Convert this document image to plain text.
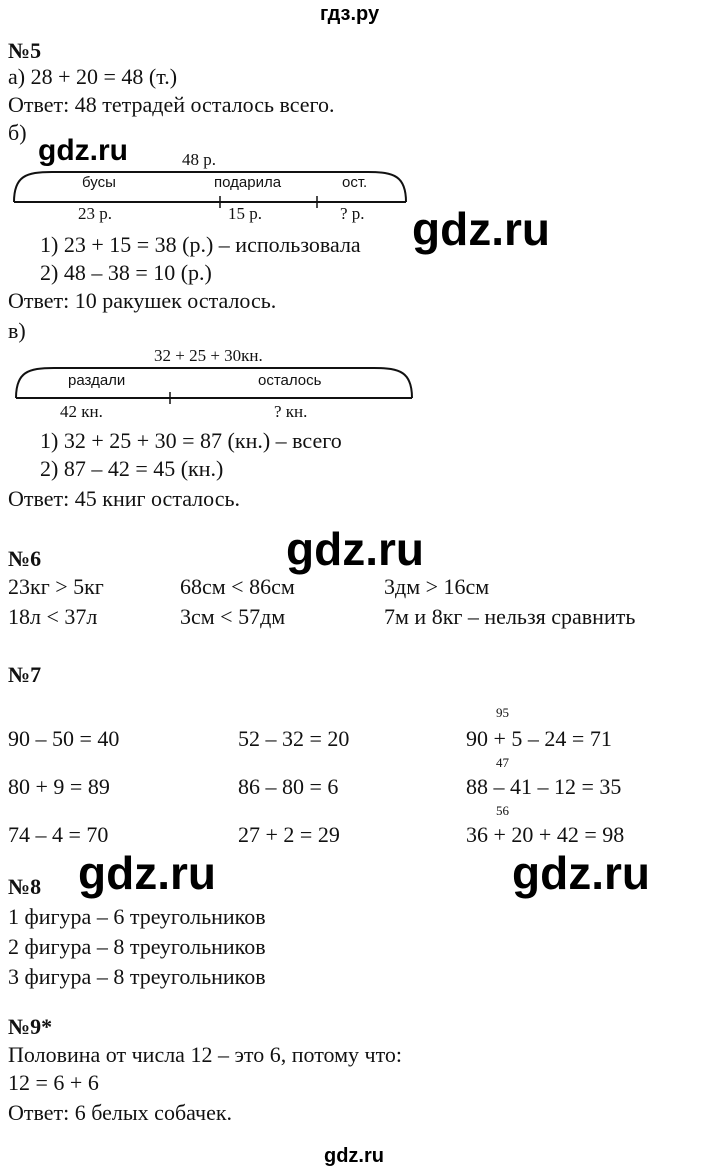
гдз.ру
№5
а) 28 + 20 = 48 (т.)
Ответ: 48 тетрадей осталось всего.
б)
gdz.ru	48 р.
бусы	подарила	ост.
23 р.	15 р.	? р. gdz.ru
1) 23 + 15 = 38 (р.) – использовала
2) 48 – 38 = 10 (р.)
Ответ: 10 ракушек осталось.
в)
32 + 25 + 30кн.
раздали	осталось
42 кн.	? кн.
1) 32 + 25 + 30 = 87 (кн.) – всего
2) 87 – 42 = 45 (кн.)
Ответ: 45 книг осталось.
gdz.ru
№6
23кг > 5кг	68см < 86см	3дм > 16см
18л < 37л	3см < 57дм	7м и 8кг – нельзя сравнить
№7
95
90 – 50 = 40	52 – 32 = 20	90 + 5 – 24 = 71
47
80 + 9 = 89	86 – 80 = 6	88 – 41 – 12 = 35
56
74 – 4 = 70	27 + 2 = 29	36 + 20 + 42 = 98
gdz.ru	gdz.ru
№8
1 фигура – 6 треугольников
2 фигура – 8 треугольников
3 фигура – 8 треугольников
№9*
Половина от числа 12 – это 6, потому что:
12 = 6 + 6
Ответ: 6 белых собачек.
gdz.ru
